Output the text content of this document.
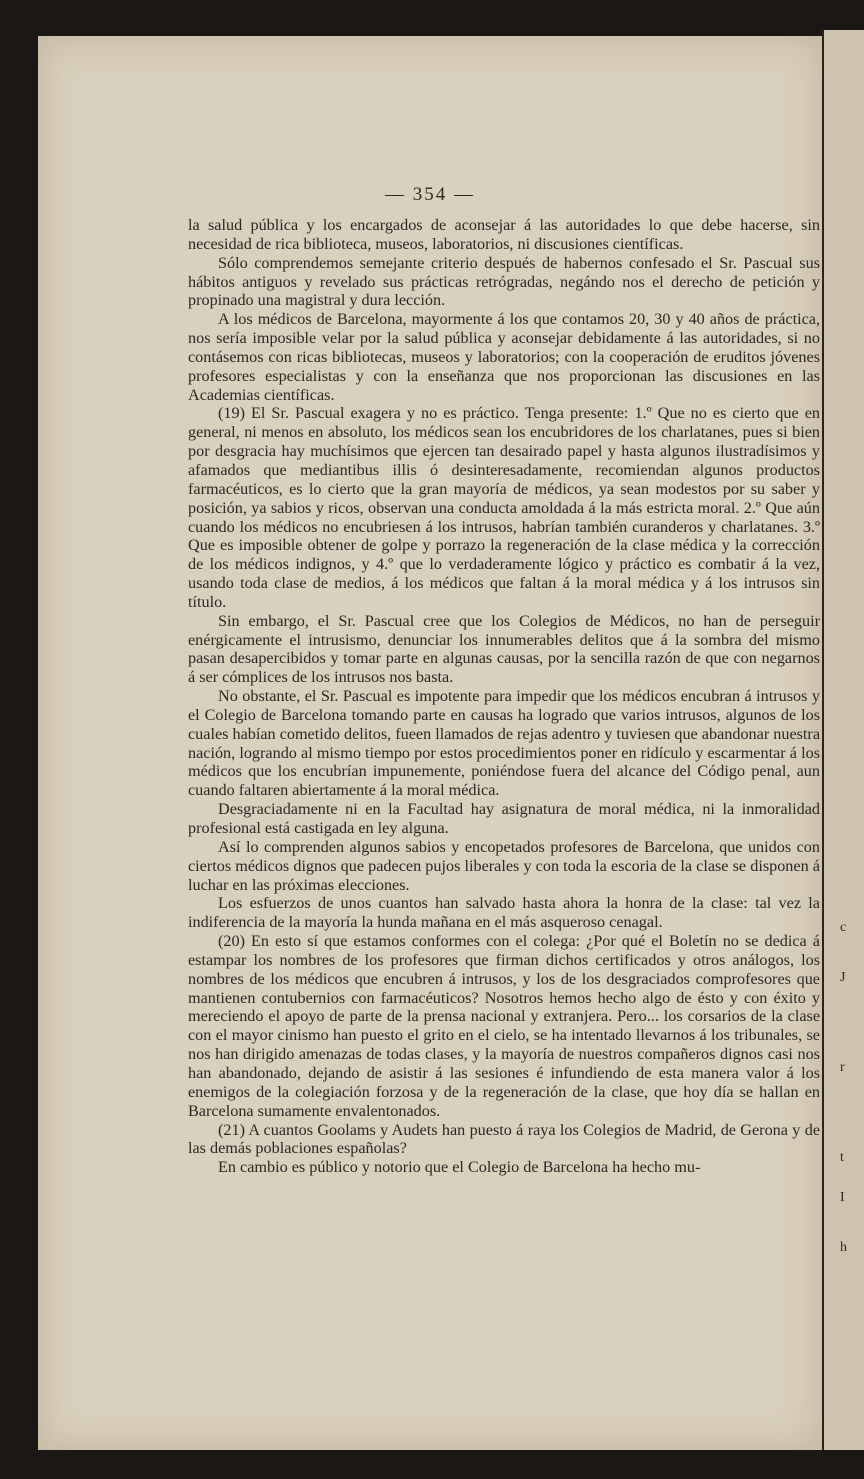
c
J
r
t
I
h
— 354 —

la salud pública y los encargados de aconsejar á las autoridades lo que debe hacerse, sin necesidad de rica biblioteca, museos, laboratorios, ni discusiones científicas.

Sólo comprendemos semejante criterio después de habernos confesado el Sr. Pascual sus hábitos antiguos y revelado sus prácticas retrógradas, negándo nos el derecho de petición y propinado una magistral y dura lección.

A los médicos de Barcelona, mayormente á los que contamos 20, 30 y 40 años de práctica, nos sería imposible velar por la salud pública y aconsejar debidamente á las autoridades, si no contásemos con ricas bibliotecas, museos y laboratorios; con la cooperación de eruditos jóvenes profesores especialistas y con la enseñanza que nos proporcionan las discusiones en las Academias científicas.

(19) El Sr. Pascual exagera y no es práctico. Tenga presente: 1.º Que no es cierto que en general, ni menos en absoluto, los médicos sean los encubridores de los charlatanes, pues si bien por desgracia hay muchísimos que ejercen tan desairado papel y hasta algunos ilustradísimos y afamados que mediantibus illis ó desinteresadamente, recomiendan algunos productos farmacéuticos, es lo cierto que la gran mayoría de médicos, ya sean modestos por su saber y posición, ya sabios y ricos, observan una conducta amoldada á la más estricta moral. 2.º Que aún cuando los médicos no encubriesen á los intrusos, habrían también curanderos y charlatanes. 3.º Que es imposible obtener de golpe y porrazo la regeneración de la clase médica y la corrección de los médicos indignos, y 4.º que lo verdaderamente lógico y práctico es combatir á la vez, usando toda clase de medios, á los médicos que faltan á la moral médica y á los intrusos sin título.

Sin embargo, el Sr. Pascual cree que los Colegios de Médicos, no han de perseguir enérgicamente el intrusismo, denunciar los innumerables delitos que á la sombra del mismo pasan desapercibidos y tomar parte en algunas causas, por la sencilla razón de que con negarnos á ser cómplices de los intrusos nos basta.

No obstante, el Sr. Pascual es impotente para impedir que los médicos encubran á intrusos y el Colegio de Barcelona tomando parte en causas ha logrado que varios intrusos, algunos de los cuales habían cometido delitos, fueen llamados de rejas adentro y tuviesen que abandonar nuestra nación, logrando al mismo tiempo por estos procedimientos poner en ridículo y escarmentar á los médicos que los encubrían impunemente, poniéndose fuera del alcance del Código penal, aun cuando faltaren abiertamente á la moral médica.

Desgraciadamente ni en la Facultad hay asignatura de moral médica, ni la inmoralidad profesional está castigada en ley alguna.

Así lo comprenden algunos sabios y encopetados profesores de Barcelona, que unidos con ciertos médicos dignos que padecen pujos liberales y con toda la escoria de la clase se disponen á luchar en las próximas elecciones.

Los esfuerzos de unos cuantos han salvado hasta ahora la honra de la clase: tal vez la indiferencia de la mayoría la hunda mañana en el más asqueroso cenagal.

(20) En esto sí que estamos conformes con el colega: ¿Por qué el Boletín no se dedica á estampar los nombres de los profesores que firman dichos certificados y otros análogos, los nombres de los médicos que encubren á intrusos, y los de los desgraciados comprofesores que mantienen contubernios con farmacéuticos? Nosotros hemos hecho algo de ésto y con éxito y mereciendo el apoyo de parte de la prensa nacional y extranjera. Pero... los corsarios de la clase con el mayor cinismo han puesto el grito en el cielo, se ha intentado llevarnos á los tribunales, se nos han dirigido amenazas de todas clases, y la mayoría de nuestros compañeros dignos casi nos han abandonado, dejando de asistir á las sesiones é infundiendo de esta manera valor á los enemigos de la colegiación forzosa y de la regeneración de la clase, que hoy día se hallan en Barcelona sumamente envalentonados.

(21) A cuantos Goolams y Audets han puesto á raya los Colegios de Madrid, de Gerona y de las demás poblaciones españolas?

En cambio es público y notorio que el Colegio de Barcelona ha hecho mu-
